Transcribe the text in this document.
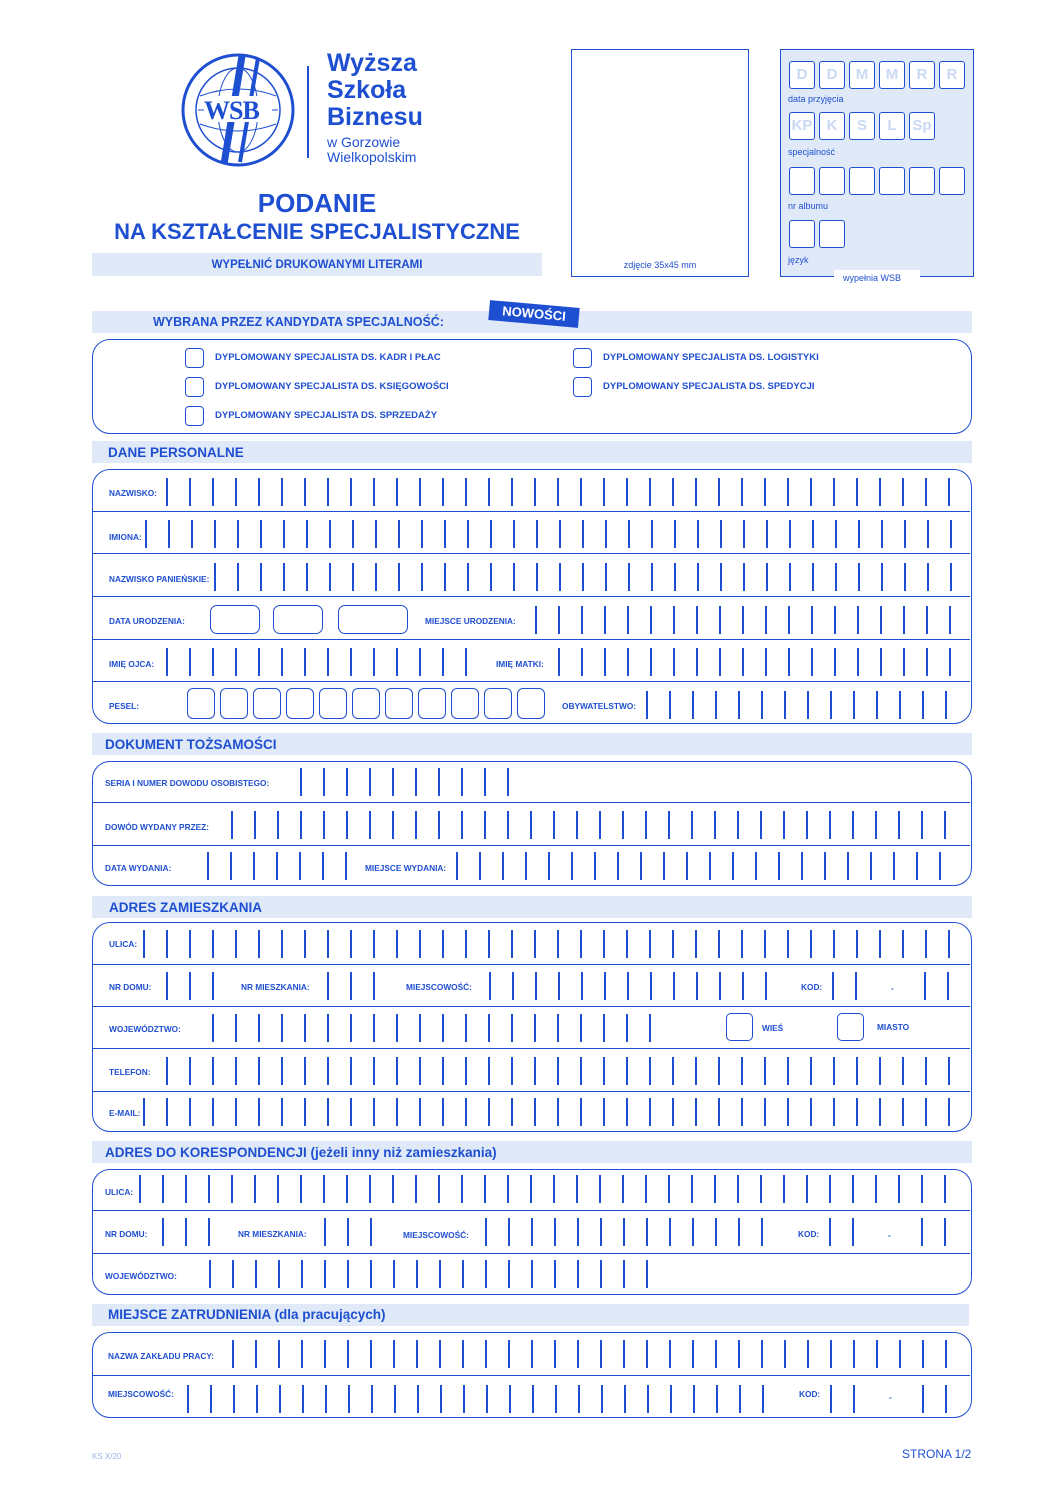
WSB
Wyższa
Szkoła
Biznesu
w Gorzowie
Wielkopolskim
PODANIE
NA KSZTAŁCENIE SPECJALISTYCZNE
WYPEŁNIĆ DRUKOWANYMI LITERAMI	zdjęcie 35x45 mm
D	D	M	M	R	R
data przyjęcia
KP K	S	L	Sp
specjalność
nr albumu
język
wypełnia WSB
WYBRANA PRZEZ KANDYDATA SPECJALNOŚĆ:	NOWOŚCI
DYPLOMOWANY SPECJALISTA DS. KADR I PŁAC
DYPLOMOWANY SPECJALISTA DS. KSIĘGOWOŚCI
DYPLOMOWANY SPECJALISTA DS. SPRZEDAŻY
DYPLOMOWANY SPECJALISTA DS. LOGISTYKI
DYPLOMOWANY SPECJALISTA DS. SPEDYCJI
DANE PERSONALNE
DOKUMENT TOŻSAMOŚCI
ADRES ZAMIESZKANIA
ADRES DO KORESPONDENCJI (jeżeli inny niż zamieszkania)
MIEJSCE ZATRUDNIENIA (dla pracujących)
NAZWISKO:
IMIONA:
NAZWISKO PANIEŃSKIE:
DATA URODZENIA:	MIEJSCE URODZENIA:
IMIĘ OJCA:	IMIĘ MATKI:
PESEL:	OBYWATELSTWO:
SERIA I NUMER DOWODU OSOBISTEGO:
DOWÓD WYDANY PRZEZ:
DATA WYDANIA:	MIEJSCE WYDANIA:
ULICA:
NR DOMU:	NR MIESZKANIA:	MIEJSCOWOŚĆ:	KOD:	-
WOJEWÓDZTWO:	WIEŚ	MIASTO
TELEFON:
E-MAIL:
ULICA:
NR DOMU:	NR MIESZKANIA:	MIEJSCOWOŚĆ:	KOD:	-
WOJEWÓDZTWO:
NAZWA ZAKŁADU PRACY:
MIEJSCOWOŚĆ:	KOD:	-
KS X/20	STRONA 1/2
